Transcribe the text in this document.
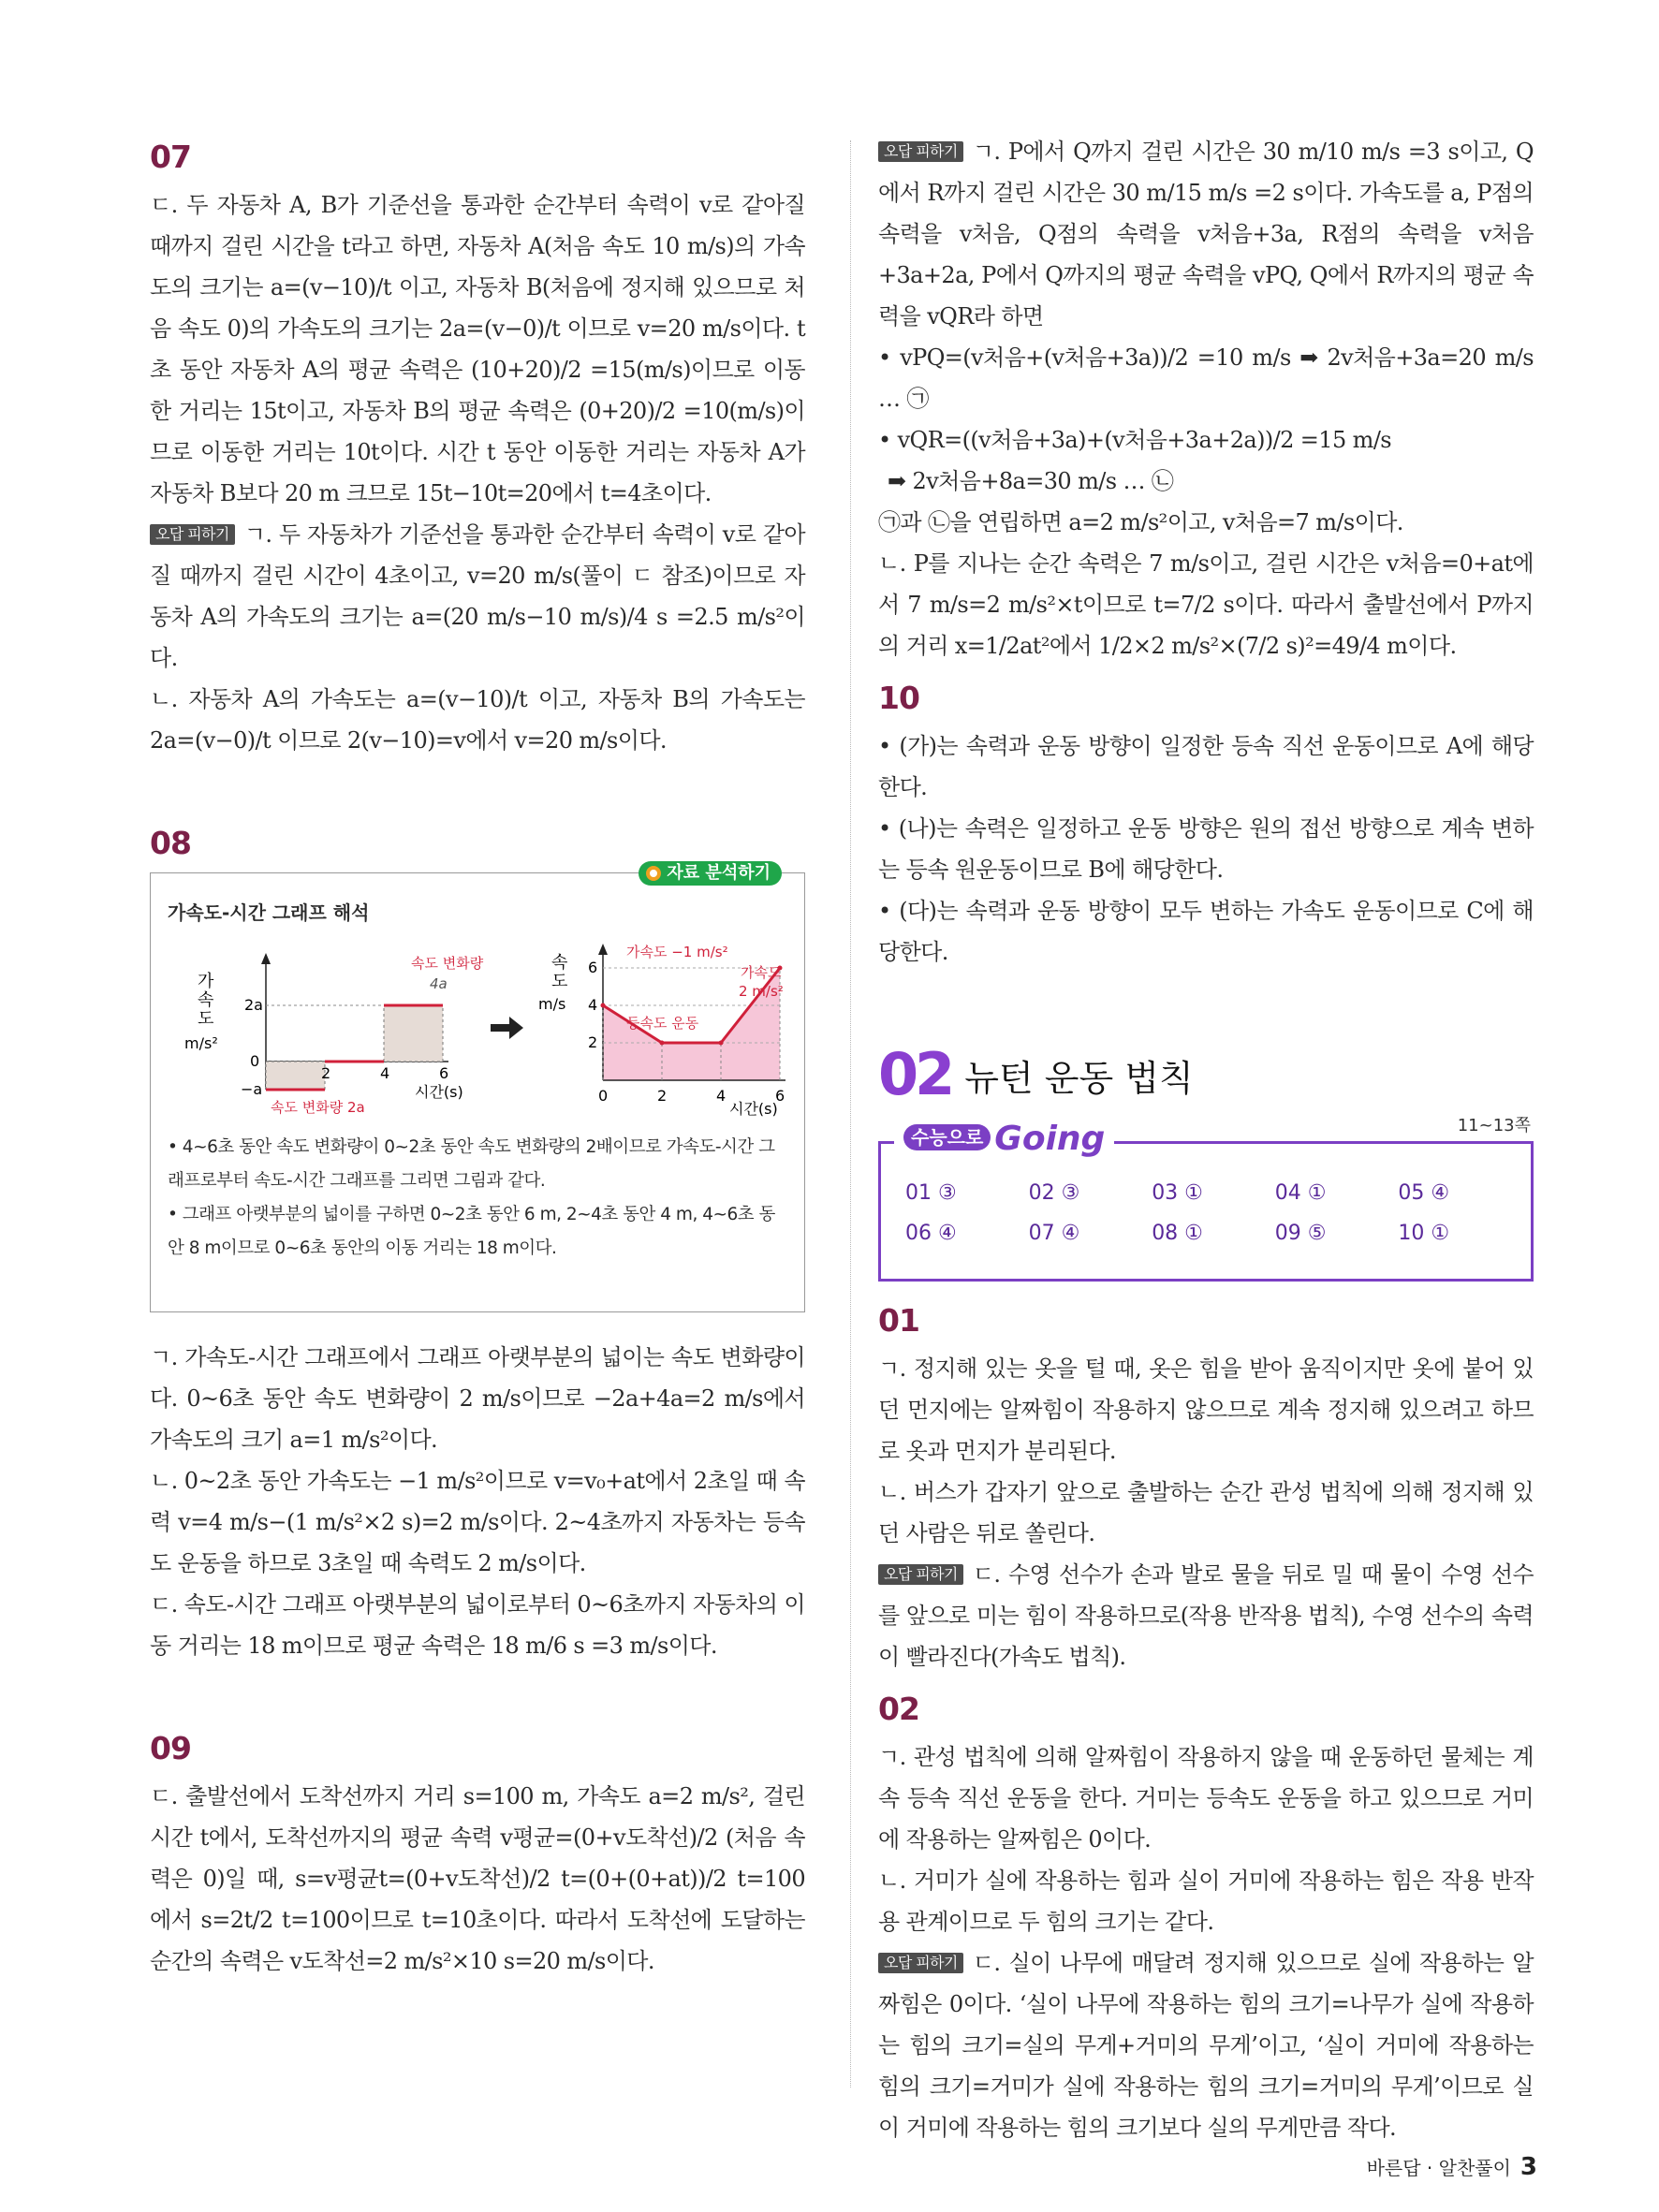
07

ㄷ. 두 자동차 A, B가 기준선을 통과한 순간부터 속력이 v로 같아질 때까지 걸린 시간을 t라고 하면, 자동차 A(처음 속도 10 m/s)의 가속도의 크기는 a=(v−10)/t 이고, 자동차 B(처음에 정지해 있으므로 처음 속도 0)의 가속도의 크기는 2a=(v−0)/t 이므로 v=20 m/s이다. t초 동안 자동차 A의 평균 속력은 (10+20)/2 =15(m/s)이므로 이동한 거리는 15t이고, 자동차 B의 평균 속력은 (0+20)/2 =10(m/s)이므로 이동한 거리는 10t이다. 시간 t 동안 이동한 거리는 자동차 A가 자동차 B보다 20 m 크므로 15t−10t=20에서 t=4초이다.

오답 피하기 ㄱ. 두 자동차가 기준선을 통과한 순간부터 속력이 v로 같아질 때까지 걸린 시간이 4초이고, v=20 m/s(풀이 ㄷ 참조)이므로 자동차 A의 가속도의 크기는 a=(20 m/s−10 m/s)/4 s =2.5 m/s²이다.

ㄴ. 자동차 A의 가속도는 a=(v−10)/t 이고, 자동차 B의 가속도는 2a=(v−0)/t 이므로 2(v−10)=v에서 v=20 m/s이다.

08
자료 분석하기
가속도-시간 그래프 해석
가
속
도
m/s²
2a
0
−a
2	4	6
시간(s)
속도 변화량
4a
속도 변화량 2a
속
도
m/s
6
4
2
0	2	4	6
시간(s)
가속도 −1 m/s²
등속도 운동
가속도
2 m/s²
• 4~6초 동안 속도 변화량이 0~2초 동안 속도 변화량의 2배이므로 가속도-시간 그래프로부터 속도-시간 그래프를 그리면 그림과 같다.
• 그래프 아랫부분의 넓이를 구하면 0~2초 동안 6 m, 2~4초 동안 4 m, 4~6초 동안 8 m이므로 0~6초 동안의 이동 거리는 18 m이다.

ㄱ. 가속도-시간 그래프에서 그래프 아랫부분의 넓이는 속도 변화량이다. 0~6초 동안 속도 변화량이 2 m/s이므로 −2a+4a=2 m/s에서 가속도의 크기 a=1 m/s²이다.

ㄴ. 0~2초 동안 가속도는 −1 m/s²이므로 v=v₀+at에서 2초일 때 속력 v=4 m/s−(1 m/s²×2 s)=2 m/s이다. 2~4초까지 자동차는 등속도 운동을 하므로 3초일 때 속력도 2 m/s이다.

ㄷ. 속도-시간 그래프 아랫부분의 넓이로부터 0~6초까지 자동차의 이동 거리는 18 m이므로 평균 속력은 18 m/6 s =3 m/s이다.

09

ㄷ. 출발선에서 도착선까지 거리 s=100 m, 가속도 a=2 m/s², 걸린 시간 t에서, 도착선까지의 평균 속력 v평균=(0+v도착선)/2 (처음 속력은 0)일 때, s=v평균t=(0+v도착선)/2 t=(0+(0+at))/2 t=100에서 s=2t/2 t=100이므로 t=10초이다. 따라서 도착선에 도달하는 순간의 속력은 v도착선=2 m/s²×10 s=20 m/s이다.

오답 피하기 ㄱ. P에서 Q까지 걸린 시간은 30 m/10 m/s =3 s이고, Q에서 R까지 걸린 시간은 30 m/15 m/s =2 s이다. 가속도를 a, P점의 속력을 v처음, Q점의 속력을 v처음+3a, R점의 속력을 v처음+3a+2a, P에서 Q까지의 평균 속력을 vPQ, Q에서 R까지의 평균 속력을 vQR라 하면

• vPQ=(v처음+(v처음+3a))/2 =10 m/s ➡ 2v처음+3a=20 m/s … ㉠

• vQR=((v처음+3a)+(v처음+3a+2a))/2 =15 m/s

➡ 2v처음+8a=30 m/s … ㉡

㉠과 ㉡을 연립하면 a=2 m/s²이고, v처음=7 m/s이다.

ㄴ. P를 지나는 순간 속력은 7 m/s이고, 걸린 시간은 v처음=0+at에서 7 m/s=2 m/s²×t이므로 t=7/2 s이다. 따라서 출발선에서 P까지의 거리 x=1/2at²에서 1/2×2 m/s²×(7/2 s)²=49/4 m이다.

10

• (가)는 속력과 운동 방향이 일정한 등속 직선 운동이므로 A에 해당한다.

• (나)는 속력은 일정하고 운동 방향은 원의 접선 방향으로 계속 변하는 등속 원운동이므로 B에 해당한다.

• (다)는 속력과 운동 방향이 모두 변하는 가속도 운동이므로 C에 해당한다.

02 뉴턴 운동 법칙
수능으로 Going	11~13쪽
01 ③	02 ③	03 ①	04 ①	05 ④
06 ④	07 ④	08 ①	09 ⑤	10 ①
01

ㄱ. 정지해 있는 옷을 털 때, 옷은 힘을 받아 움직이지만 옷에 붙어 있던 먼지에는 알짜힘이 작용하지 않으므로 계속 정지해 있으려고 하므로 옷과 먼지가 분리된다.

ㄴ. 버스가 갑자기 앞으로 출발하는 순간 관성 법칙에 의해 정지해 있던 사람은 뒤로 쏠린다.

오답 피하기 ㄷ. 수영 선수가 손과 발로 물을 뒤로 밀 때 물이 수영 선수를 앞으로 미는 힘이 작용하므로(작용 반작용 법칙), 수영 선수의 속력이 빨라진다(가속도 법칙).

02

ㄱ. 관성 법칙에 의해 알짜힘이 작용하지 않을 때 운동하던 물체는 계속 등속 직선 운동을 한다. 거미는 등속도 운동을 하고 있으므로 거미에 작용하는 알짜힘은 0이다.

ㄴ. 거미가 실에 작용하는 힘과 실이 거미에 작용하는 힘은 작용 반작용 관계이므로 두 힘의 크기는 같다.

오답 피하기 ㄷ. 실이 나무에 매달려 정지해 있으므로 실에 작용하는 알짜힘은 0이다. ‘실이 나무에 작용하는 힘의 크기=나무가 실에 작용하는 힘의 크기=실의 무게+거미의 무게’이고, ‘실이 거미에 작용하는 힘의 크기=거미가 실에 작용하는 힘의 크기=거미의 무게’이므로 실이 거미에 작용하는 힘의 크기보다 실의 무게만큼 작다.

바른답 · 알찬풀이 3
